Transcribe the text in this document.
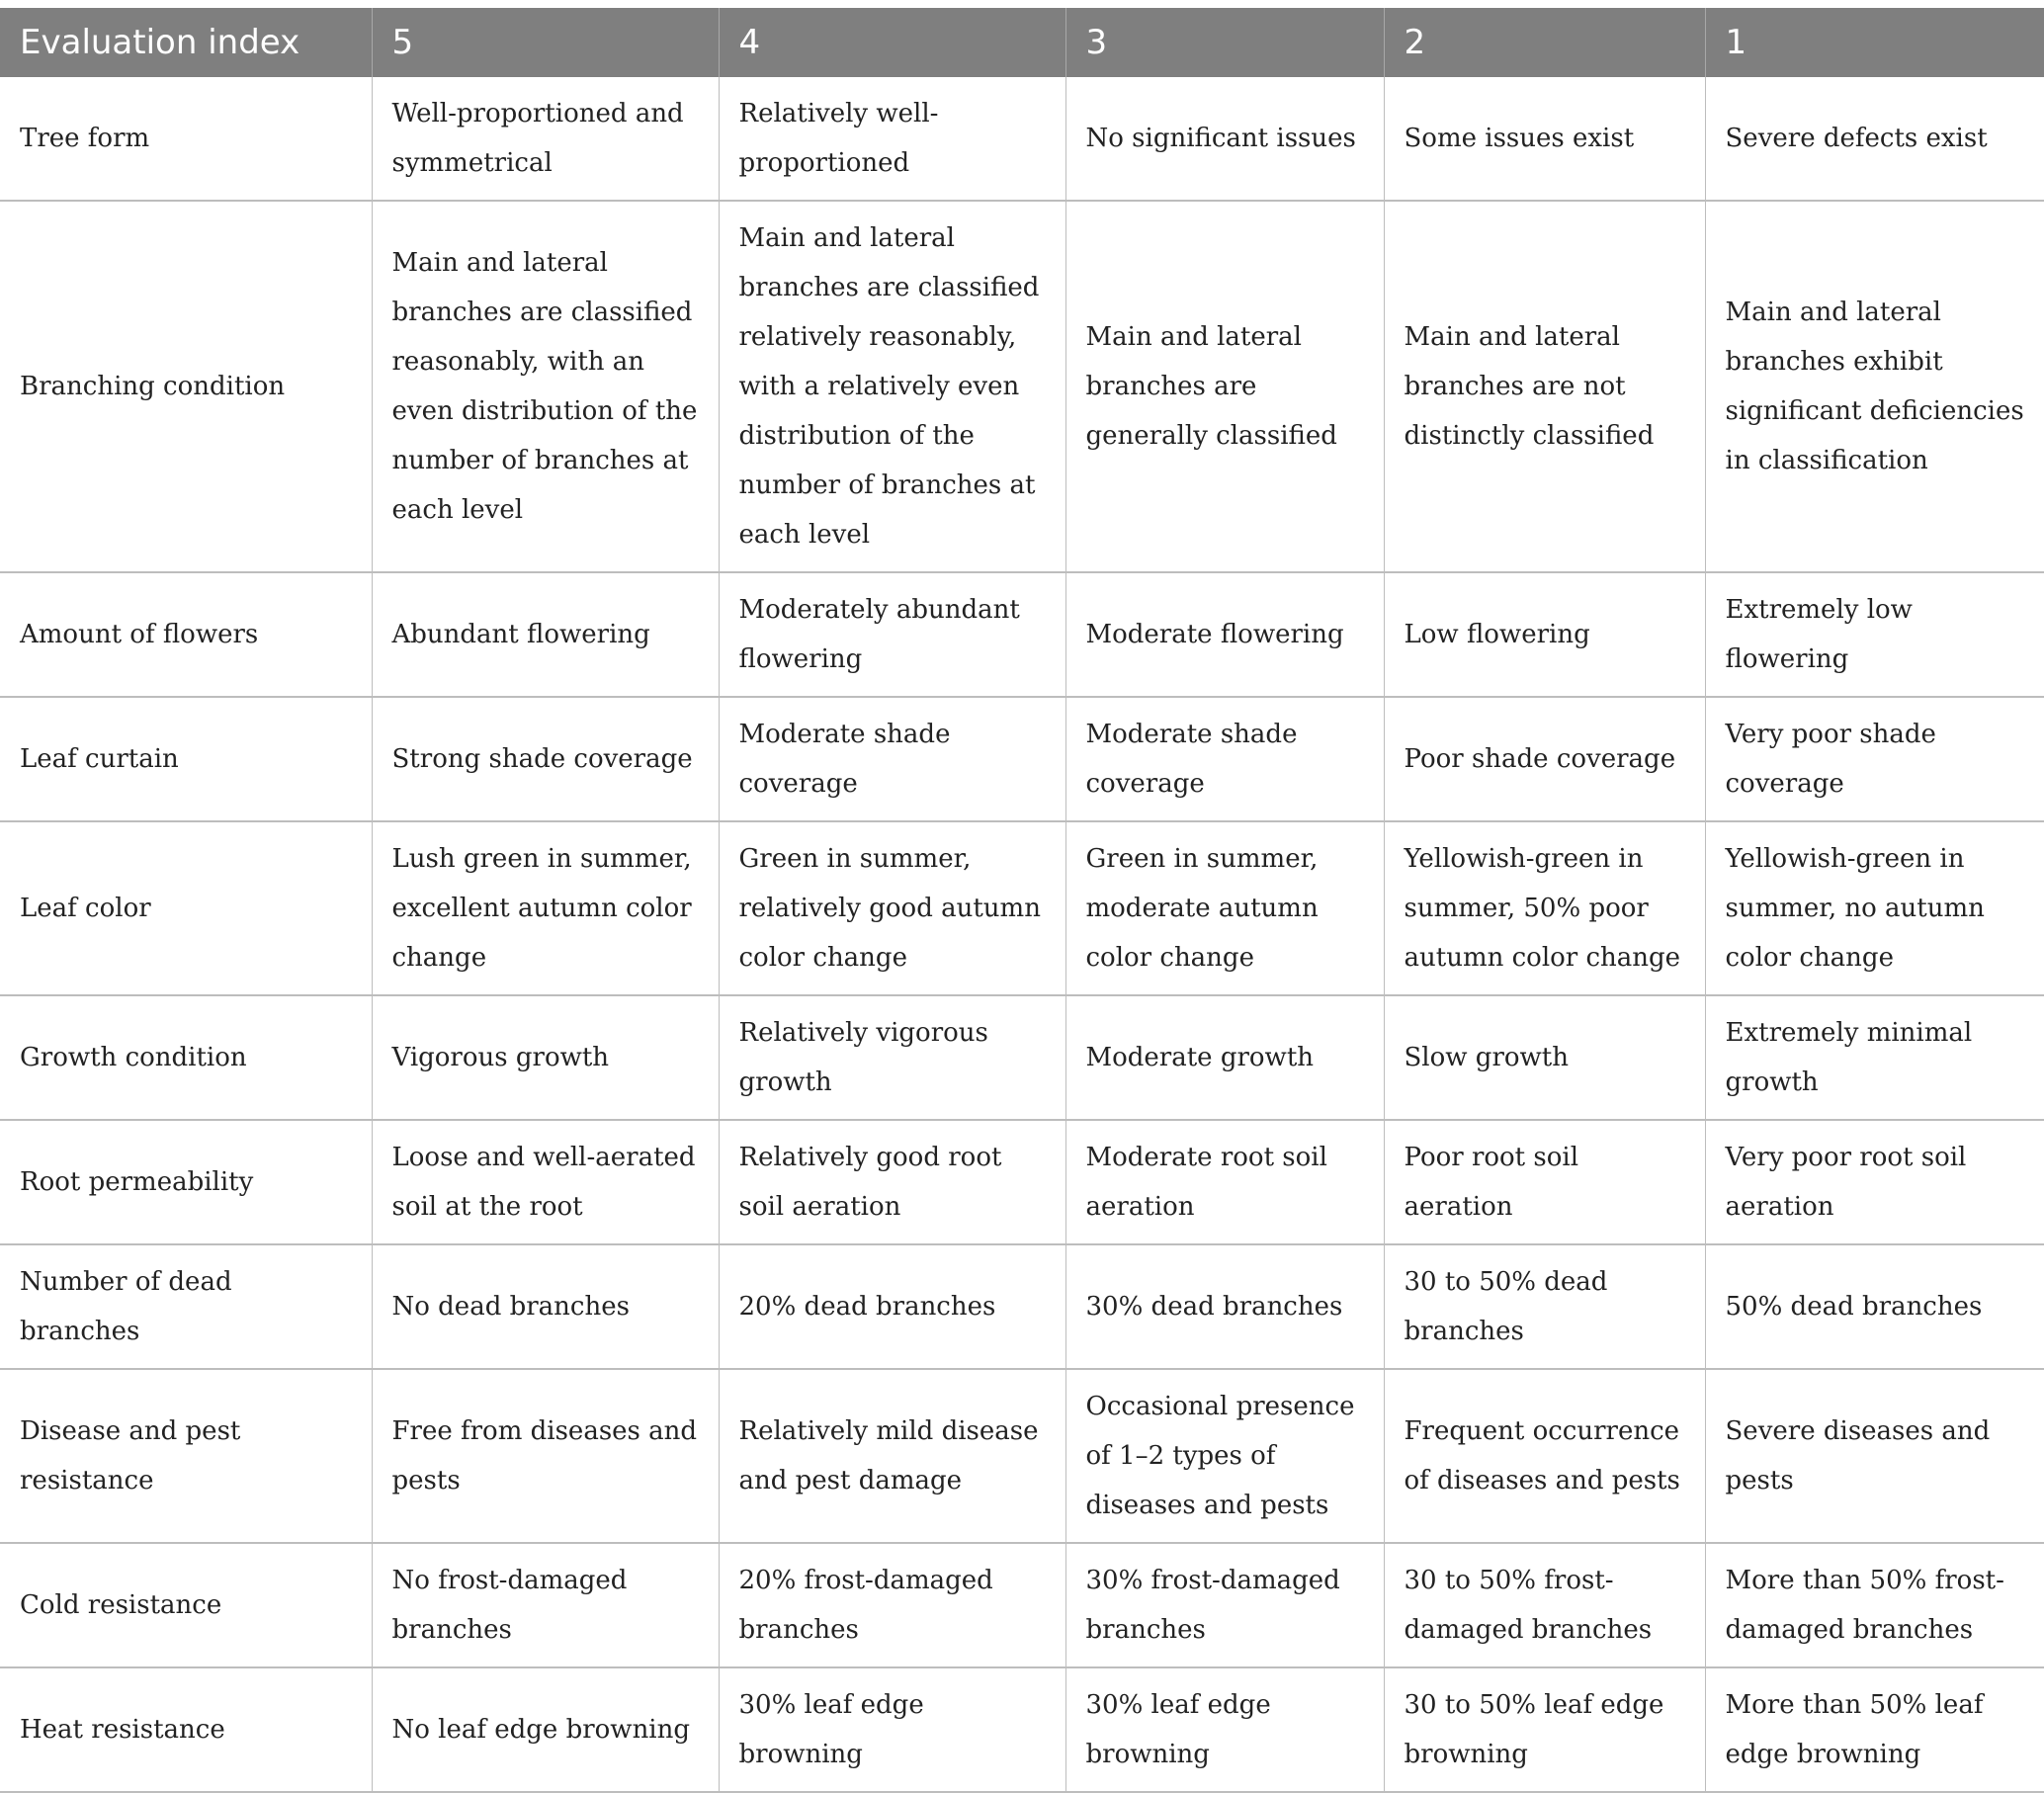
Evaluation index	5	4	3	2	1
Tree form	Well-proportioned and symmetrical	Relatively well-proportioned	No significant issues	Some issues exist	Severe defects exist
Branching condition	Main and lateral branches are classified reasonably, with an even distribution of the number of branches at each level	Main and lateral branches are classified relatively reasonably, with a relatively even distribution of the number of branches at each level	Main and lateral branches are generally classified	Main and lateral branches are not distinctly classified	Main and lateral branches exhibit significant deficiencies in classification
Amount of flowers	Abundant flowering	Moderately abundant flowering	Moderate flowering	Low flowering	Extremely low flowering
Leaf curtain	Strong shade coverage	Moderate shade coverage	Moderate shade coverage	Poor shade coverage	Very poor shade coverage
Leaf color	Lush green in summer, excellent autumn color change	Green in summer, relatively good autumn color change	Green in summer, moderate autumn color change	Yellowish-green in summer, 50% poor autumn color change	Yellowish-green in summer, no autumn color change
Growth condition	Vigorous growth	Relatively vigorous growth	Moderate growth	Slow growth	Extremely minimal growth
Root permeability	Loose and well-aerated soil at the root	Relatively good root soil aeration	Moderate root soil aeration	Poor root soil aeration	Very poor root soil aeration
Number of dead branches	No dead branches	20% dead branches	30% dead branches	30 to 50% dead branches	50% dead branches
Disease and pest resistance	Free from diseases and pests	Relatively mild disease and pest damage	Occasional presence of 1–2 types of diseases and pests	Frequent occurrence of diseases and pests	Severe diseases and pests
Cold resistance	No frost-damaged branches	20% frost-damaged branches	30% frost-damaged branches	30 to 50% frost-damaged branches	More than 50% frost-damaged branches
Heat resistance	No leaf edge browning	30% leaf edge browning	30% leaf edge browning	30 to 50% leaf edge browning	More than 50% leaf edge browning
